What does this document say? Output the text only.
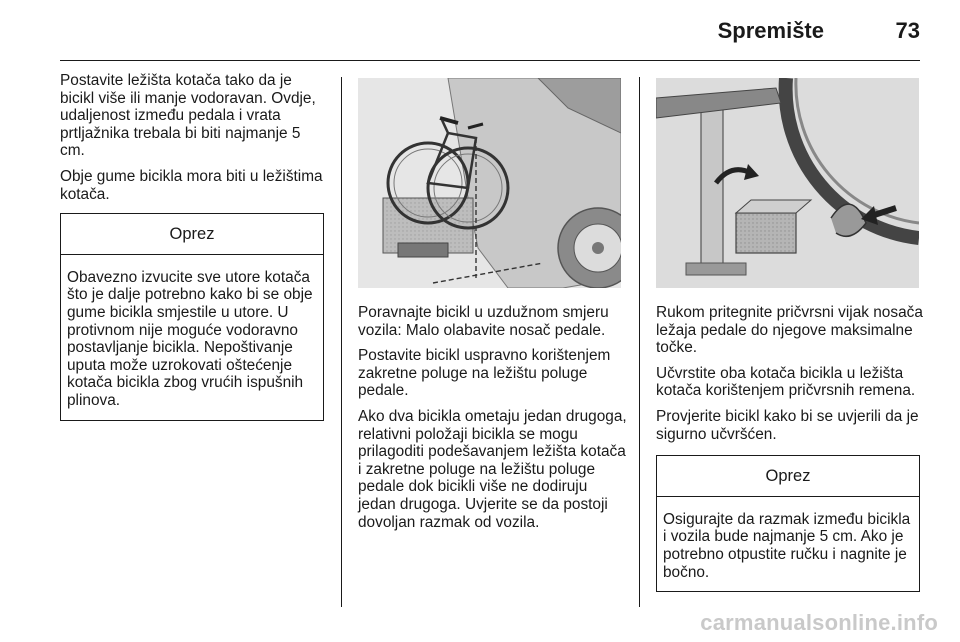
Spremište	73

Postavite ležišta kotača tako da je bicikl više ili manje vodoravan. Ovdje, udaljenost između pedala i vrata prtljažnika trebala bi biti najmanje 5 cm.

Obje gume bicikla mora biti u ležištima kotača.

Oprez
Obavezno izvucite sve utore kotača što je dalje potrebno kako bi se obje gume bicikla smjestile u utore. U protivnom nije moguće vodoravno postavljanje bicikla. Nepoštivanje uputa može uzrokovati oštećenje kotača bicikla zbog vrućih ispušnih plinova.

Poravnajte bicikl u uzdužnom smjeru vozila: Malo olabavite nosač pedale.

Postavite bicikl uspravno korištenjem zakretne poluge na ležištu poluge pedale.

Ako dva bicikla ometaju jedan drugoga, relativni položaji bicikla se mogu prilagoditi podešavanjem ležišta kotača i zakretne poluge na ležištu poluge pedale dok bicikli više ne dodiruju jedan drugoga. Uvjerite se da postoji dovoljan razmak od vozila.

Rukom pritegnite pričvrsni vijak nosača ležaja pedale do njegove maksimalne točke.

Učvrstite oba kotača bicikla u ležišta kotača korištenjem pričvrsnih remena.

Provjerite bicikl kako bi se uvjerili da je sigurno učvršćen.

Oprez
Osigurajte da razmak između bicikla i vozila bude najmanje 5 cm. Ako je potrebno otpustite ručku i nagnite je bočno.
carmanualsonline.info
